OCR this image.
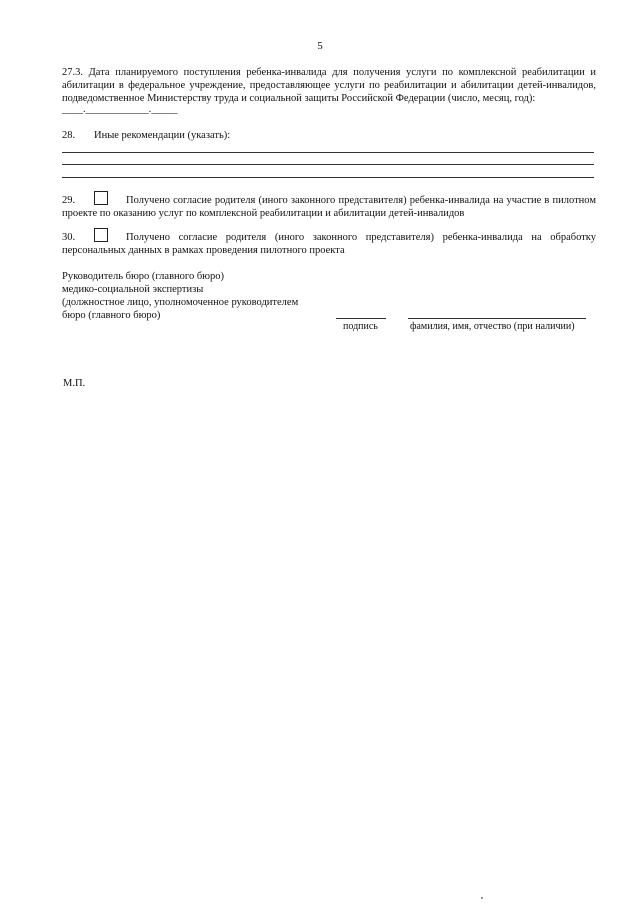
5
27.3. Дата планируемого поступления ребенка-инвалида для получения услуги по комплексной реабилитации и абилитации в федеральное учреждение, предоставляющее услуги по реабилитации и абилитации детей-инвалидов, подведомственное Министерству труда и социальной защиты Российской Федерации (число, месяц, год):
____.____________._____
28. Иные рекомендации (указать):
29.	Получено согласие родителя (иного законного представителя) ребенка-инвалида на участие в пилотном проекте по оказанию услуг по комплексной реабилитации и абилитации детей-инвалидов
30.	Получено согласие родителя (иного законного представителя) ребенка-инвалида на обработку персональных данных в рамках проведения пилотного проекта
Руководитель бюро (главного бюро)
медико-социальной экспертизы
(должностное лицо, уполномоченное руководителем
бюро (главного бюро)
подпись	фамилия, имя, отчество (при наличии)
М.П.
